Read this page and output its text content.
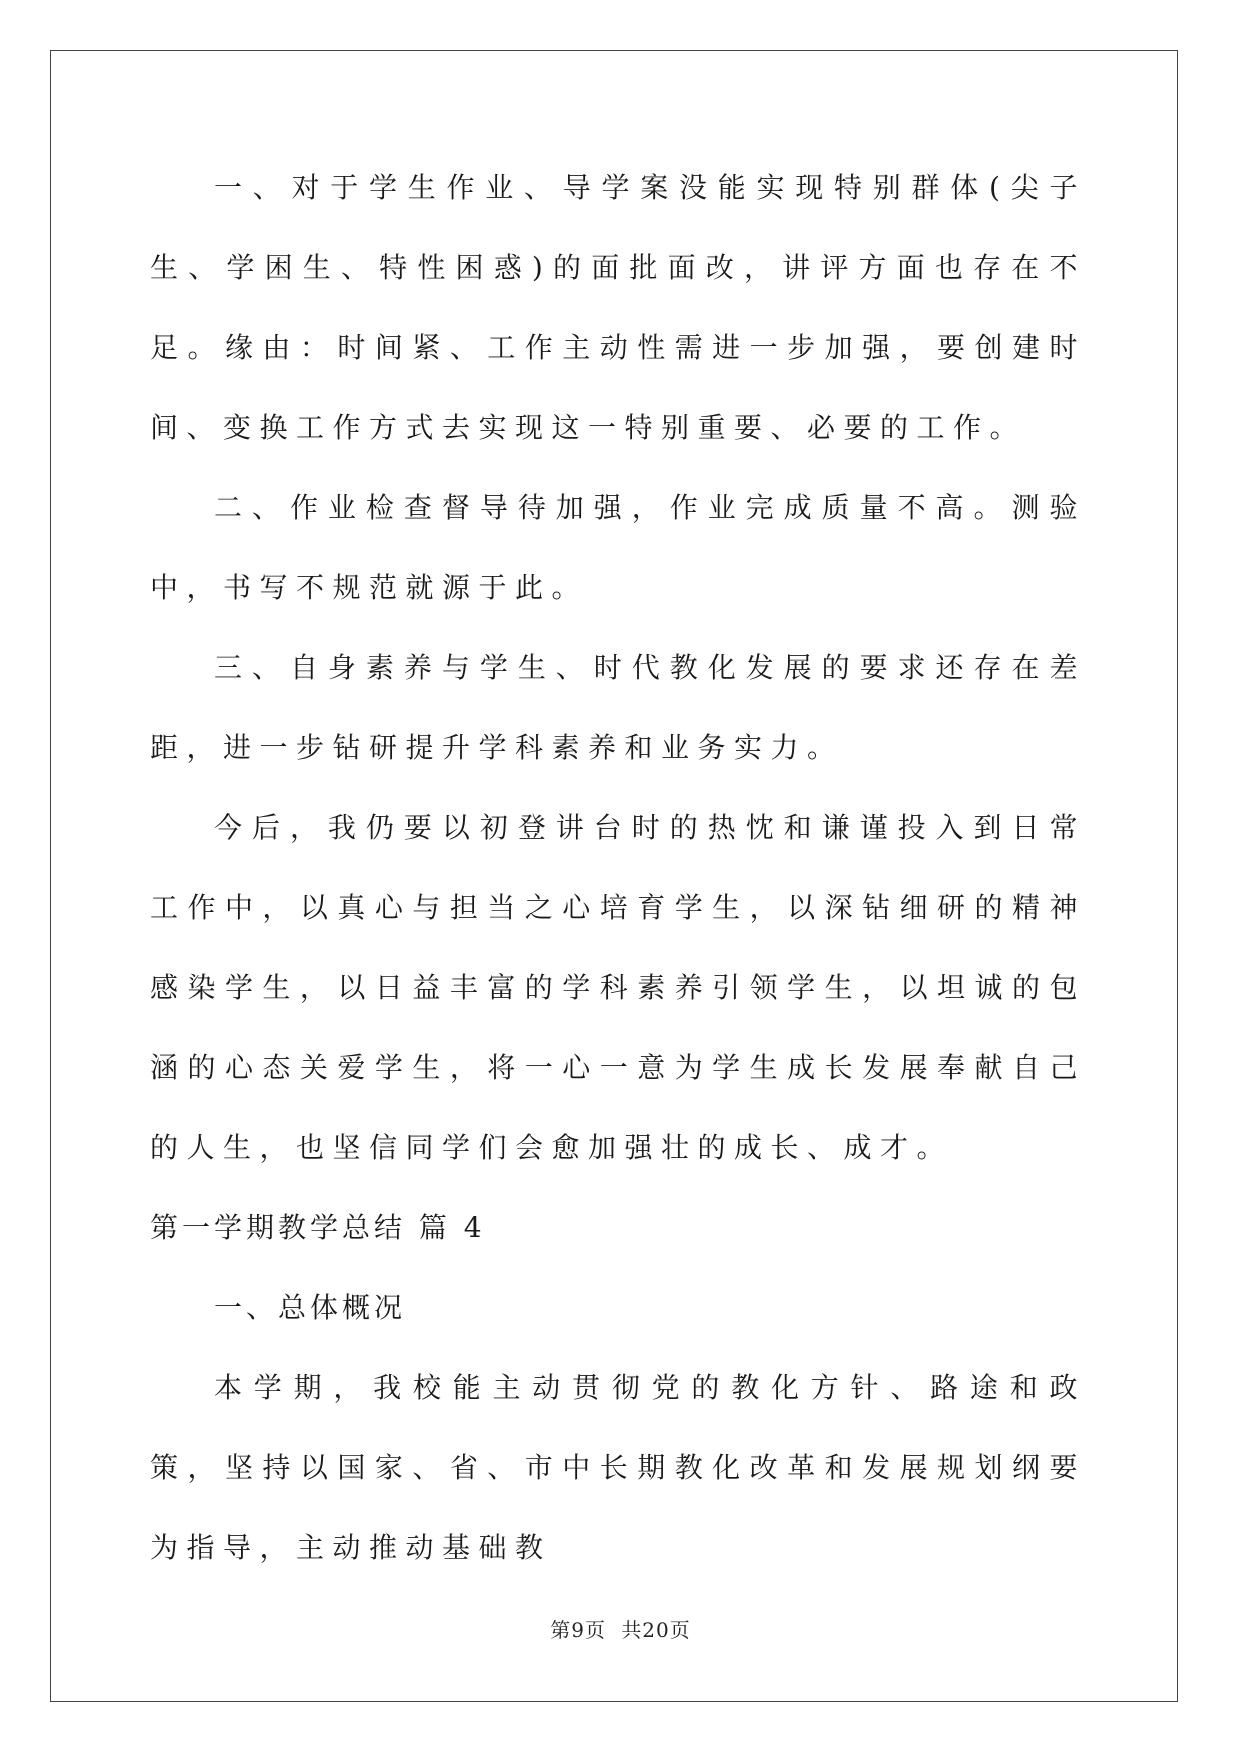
一、对于学生作业、导学案没能实现特别群体(尖子生、学困生、特性困惑)的面批面改，讲评方面也存在不足。缘由：时间紧、工作主动性需进一步加强，要创建时间、变换工作方式去实现这一特别重要、必要的工作。

二、作业检查督导待加强，作业完成质量不高。测验中，书写不规范就源于此。

三、自身素养与学生、时代教化发展的要求还存在差距，进一步钻研提升学科素养和业务实力。

今后，我仍要以初登讲台时的热忱和谦谨投入到日常工作中，以真心与担当之心培育学生，以深钻细研的精神感染学生，以日益丰富的学科素养引领学生，以坦诚的包涵的心态关爱学生，将一心一意为学生成长发展奉献自己的人生，也坚信同学们会愈加强壮的成长、成才。

第一学期教学总结 篇 4

一、总体概况

本学期，我校能主动贯彻党的教化方针、路途和政策，坚持以国家、省、市中长期教化改革和发展规划纲要为指导，主动推动基础教

第9页 共20页
